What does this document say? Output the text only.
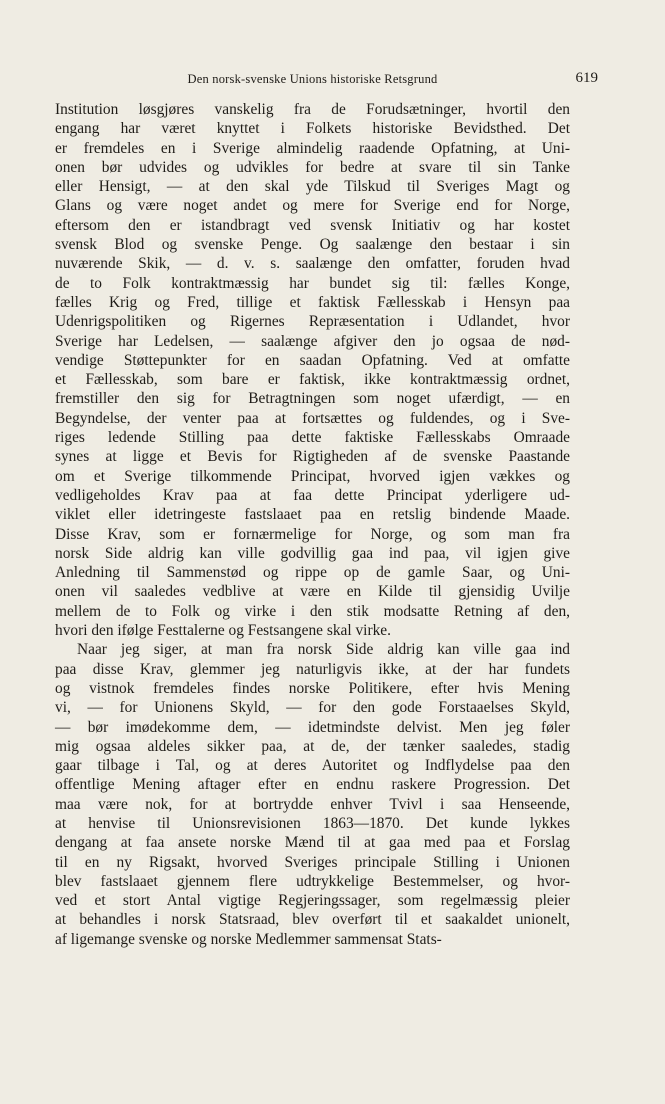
Den norsk-svenske Unions historiske Retsgrund	619
Institution løsgjøres vanskelig fra de Forudsætninger, hvortil den
engang har været knyttet i Folkets historiske Bevidsthed. Det
er fremdeles en i Sverige almindelig raadende Opfatning, at Uni-
onen bør udvides og udvikles for bedre at svare til sin Tanke
eller Hensigt, — at den skal yde Tilskud til Sveriges Magt og
Glans og være noget andet og mere for Sverige end for Norge,
eftersom den er istandbragt ved svensk Initiativ og har kostet
svensk Blod og svenske Penge. Og saalænge den bestaar i sin
nuværende Skik, — d. v. s. saalænge den omfatter, foruden hvad
de to Folk kontraktmæssig har bundet sig til: fælles Konge,
fælles Krig og Fred, tillige et faktisk Fællesskab i Hensyn paa
Udenrigspolitiken og Rigernes Repræsentation i Udlandet, hvor
Sverige har Ledelsen, — saalænge afgiver den jo ogsaa de nød-
vendige Støttepunkter for en saadan Opfatning. Ved at omfatte
et Fællesskab, som bare er faktisk, ikke kontraktmæssig ordnet,
fremstiller den sig for Betragtningen som noget ufærdigt, — en
Begyndelse, der venter paa at fortsættes og fuldendes, og i Sve-
riges ledende Stilling paa dette faktiske Fællesskabs Omraade
synes at ligge et Bevis for Rigtigheden af de svenske Paastande
om et Sverige tilkommende Principat, hvorved igjen vækkes og
vedligeholdes Krav paa at faa dette Principat yderligere ud-
viklet eller idetringeste fastslaaet paa en retslig bindende Maade.
Disse Krav, som er fornærmelige for Norge, og som man fra
norsk Side aldrig kan ville godvillig gaa ind paa, vil igjen give
Anledning til Sammenstød og rippe op de gamle Saar, og Uni-
onen vil saaledes vedblive at være en Kilde til gjensidig Uvilje
mellem de to Folk og virke i den stik modsatte Retning af den,
hvori den ifølge Festtalerne og Festsangene skal virke.
Naar jeg siger, at man fra norsk Side aldrig kan ville gaa ind
paa disse Krav, glemmer jeg naturligvis ikke, at der har fundets
og vistnok fremdeles findes norske Politikere, efter hvis Mening
vi, — for Unionens Skyld, — for den gode Forstaaelses Skyld,
— bør imødekomme dem, — idetmindste delvist. Men jeg føler
mig ogsaa aldeles sikker paa, at de, der tænker saaledes, stadig
gaar tilbage i Tal, og at deres Autoritet og Indflydelse paa den
offentlige Mening aftager efter en endnu raskere Progression. Det
maa være nok, for at bortrydde enhver Tvivl i saa Henseende,
at henvise til Unionsrevisionen 1863—1870. Det kunde lykkes
dengang at faa ansete norske Mænd til at gaa med paa et Forslag
til en ny Rigsakt, hvorved Sveriges principale Stilling i Unionen
blev fastslaaet gjennem flere udtrykkelige Bestemmelser, og hvor-
ved et stort Antal vigtige Regjeringssager, som regelmæssig pleier
at behandles i norsk Statsraad, blev overført til et saakaldet unionelt,
af ligemange svenske og norske Medlemmer sammensat Stats-
